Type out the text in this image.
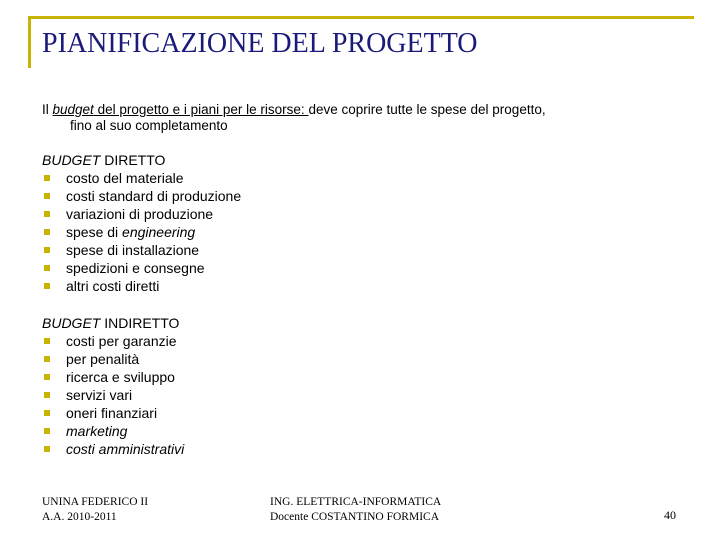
PIANIFICAZIONE DEL PROGETTO
Il budget del progetto e i piani per le risorse: deve coprire tutte le spese del progetto,
fino al suo completamento
BUDGET DIRETTO
costo del materiale
costi standard di produzione
variazioni di produzione
spese di
engineering
spese di installazione
spedizioni e consegne
altri costi diretti
BUDGET INDIRETTO
costi per garanzie
per penalità
ricerca e sviluppo
servizi vari
oneri finanziari
marketing
costi amministrativi
UNINA FEDERICO II
A.A. 2010-2011
ING. ELETTRICA-INFORMATICA
Docente COSTANTINO FORMICA	40
